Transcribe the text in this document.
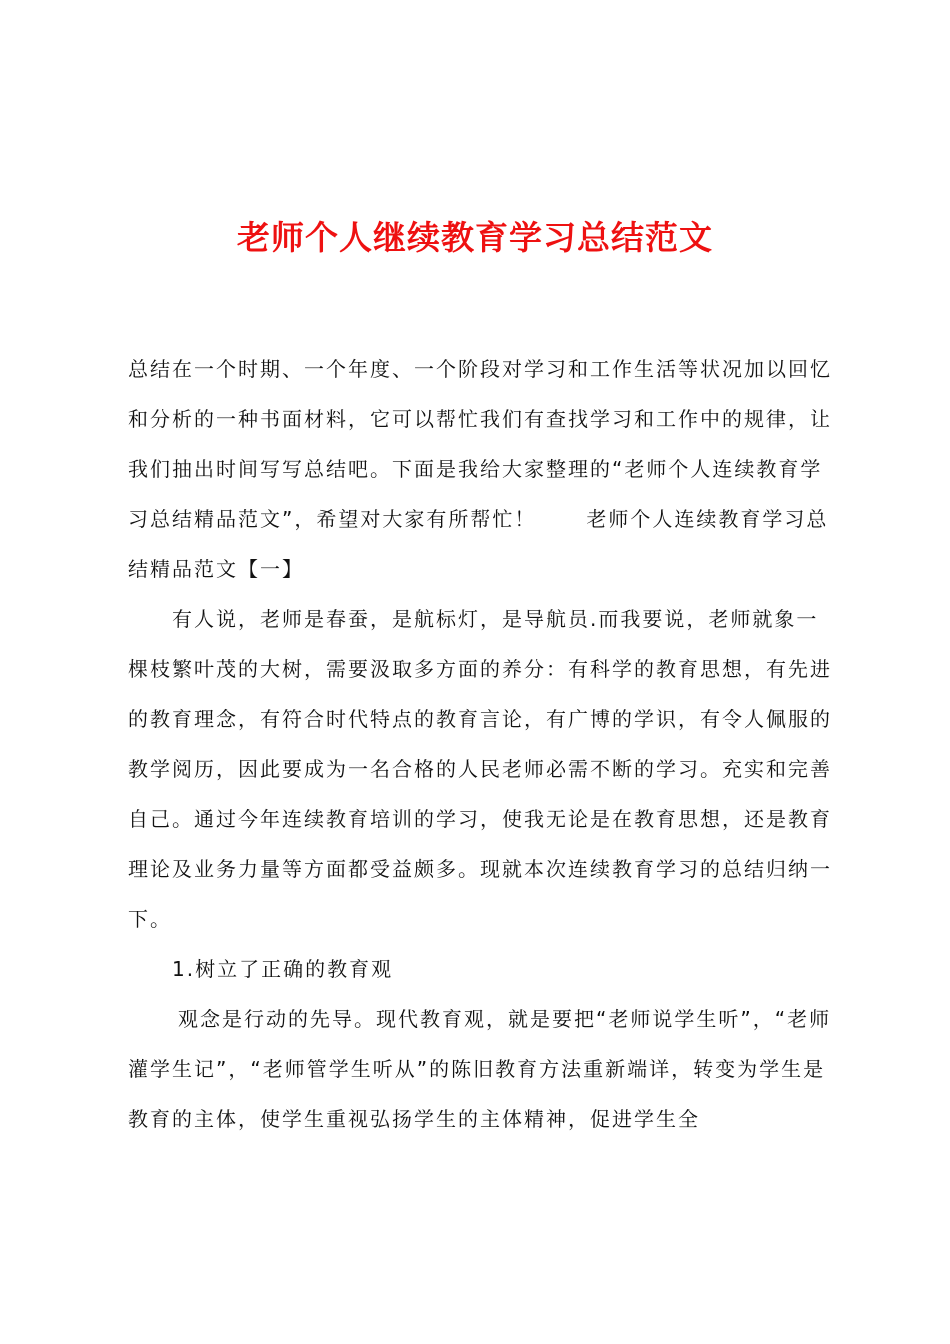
老师个人继续教育学习总结范文

总结在一个时期、一个年度、一个阶段对学习和工作生活等状况加以回忆和分析的一种书面材料，它可以帮忙我们有查找学习和工作中的规律，让我们抽出时间写写总结吧。下面是我给大家整理的“老师个人连续教育学习总结精品范文”，希望对大家有所帮忙！	老师个人连续教育学习总结精品范文【一】

有人说，老师是春蚕，是航标灯，是导航员.而我要说，老师就象一棵枝繁叶茂的大树，需要汲取多方面的养分：有科学的教育思想，有先进的教育理念，有符合时代特点的教育言论，有广博的学识，有令人佩服的教学阅历，因此要成为一名合格的人民老师必需不断的学习。充实和完善自己。通过今年连续教育培训的学习，使我无论是在教育思想，还是教育理论及业务力量等方面都受益颇多。现就本次连续教育学习的总结归纳一下。

1.树立了正确的教育观

观念是行动的先导。现代教育观，就是要把“老师说学生听”，“老师灌学生记”，“老师管学生听从”的陈旧教育方法重新端详，转变为学生是教育的主体，使学生重视弘扬学生的主体精神，促进学生全
